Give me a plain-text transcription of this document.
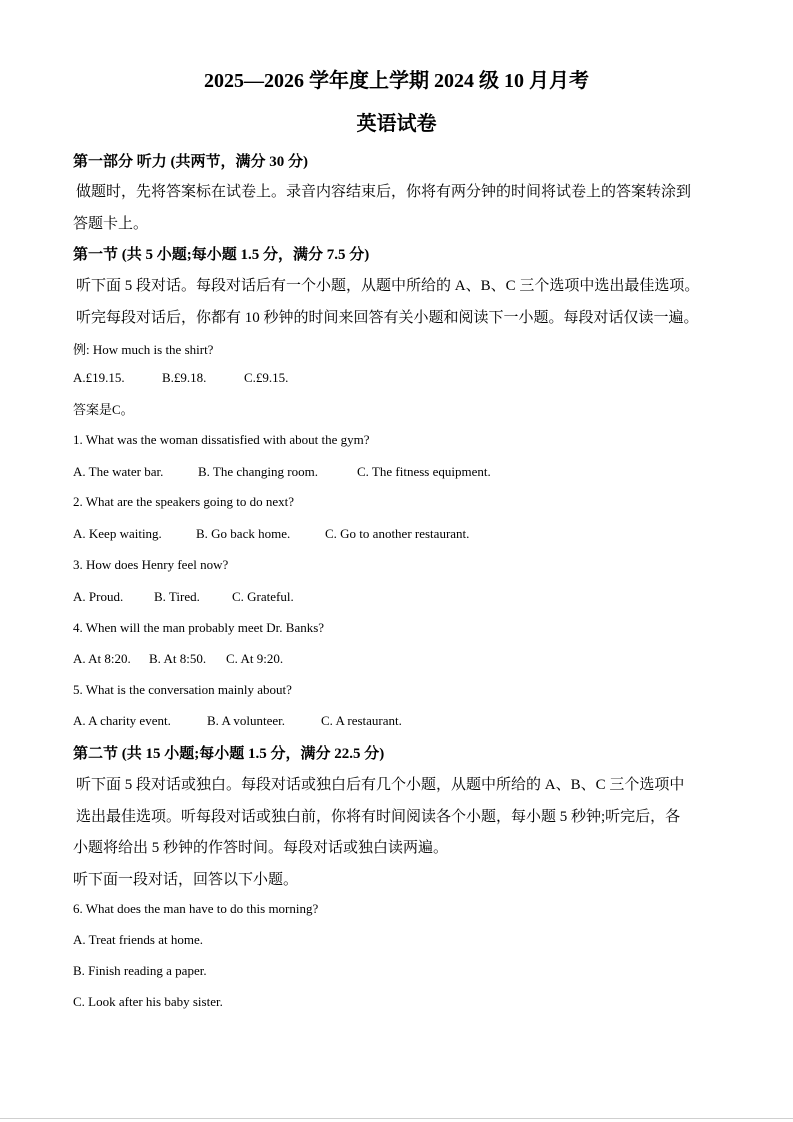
2025—2026 学年度上学期 2024 级 10 月月考
英语试卷
第一部分 听力 (共两节，满分 30 分)
做题时，先将答案标在试卷上。录音内容结束后，你将有两分钟的时间将试卷上的答案转涂到
答题卡上。
第一节 (共 5 小题;每小题 1.5 分，满分 7.5 分)
听下面 5 段对话。每段对话后有一个小题，从题中所给的 A、B、C 三个选项中选出最佳选项。
听完每段对话后，你都有 10 秒钟的时间来回答有关小题和阅读下一小题。每段对话仅读一遍。
例: How much is the shirt?
A.£19.15.	B.£9.18.	C.£9.15.
答案是C。
1. What was the woman dissatisfied with about the gym?
A. The water bar.	B. The changing room.	C. The fitness equipment.
2. What are the speakers going to do next?
A. Keep waiting.	B. Go back home.	C. Go to another restaurant.
3. How does Henry feel now?
A. Proud. B. Tired. C. Grateful.
4. When will the man probably meet Dr. Banks?
A. At 8:20. B. At 8:50. C. At 9:20.
5. What is the conversation mainly about?
A. A charity event.	B. A volunteer.	C. A restaurant.
第二节 (共 15 小题;每小题 1.5 分，满分 22.5 分)
听下面 5 段对话或独白。每段对话或独白后有几个小题，从题中所给的 A、B、C 三个选项中
选出最佳选项。听每段对话或独白前，你将有时间阅读各个小题，每小题 5 秒钟;听完后，各
小题将给出 5 秒钟的作答时间。每段对话或独白读两遍。
听下面一段对话，回答以下小题。
6. What does the man have to do this morning?
A. Treat friends at home.
B. Finish reading a paper.
C. Look after his baby sister.
